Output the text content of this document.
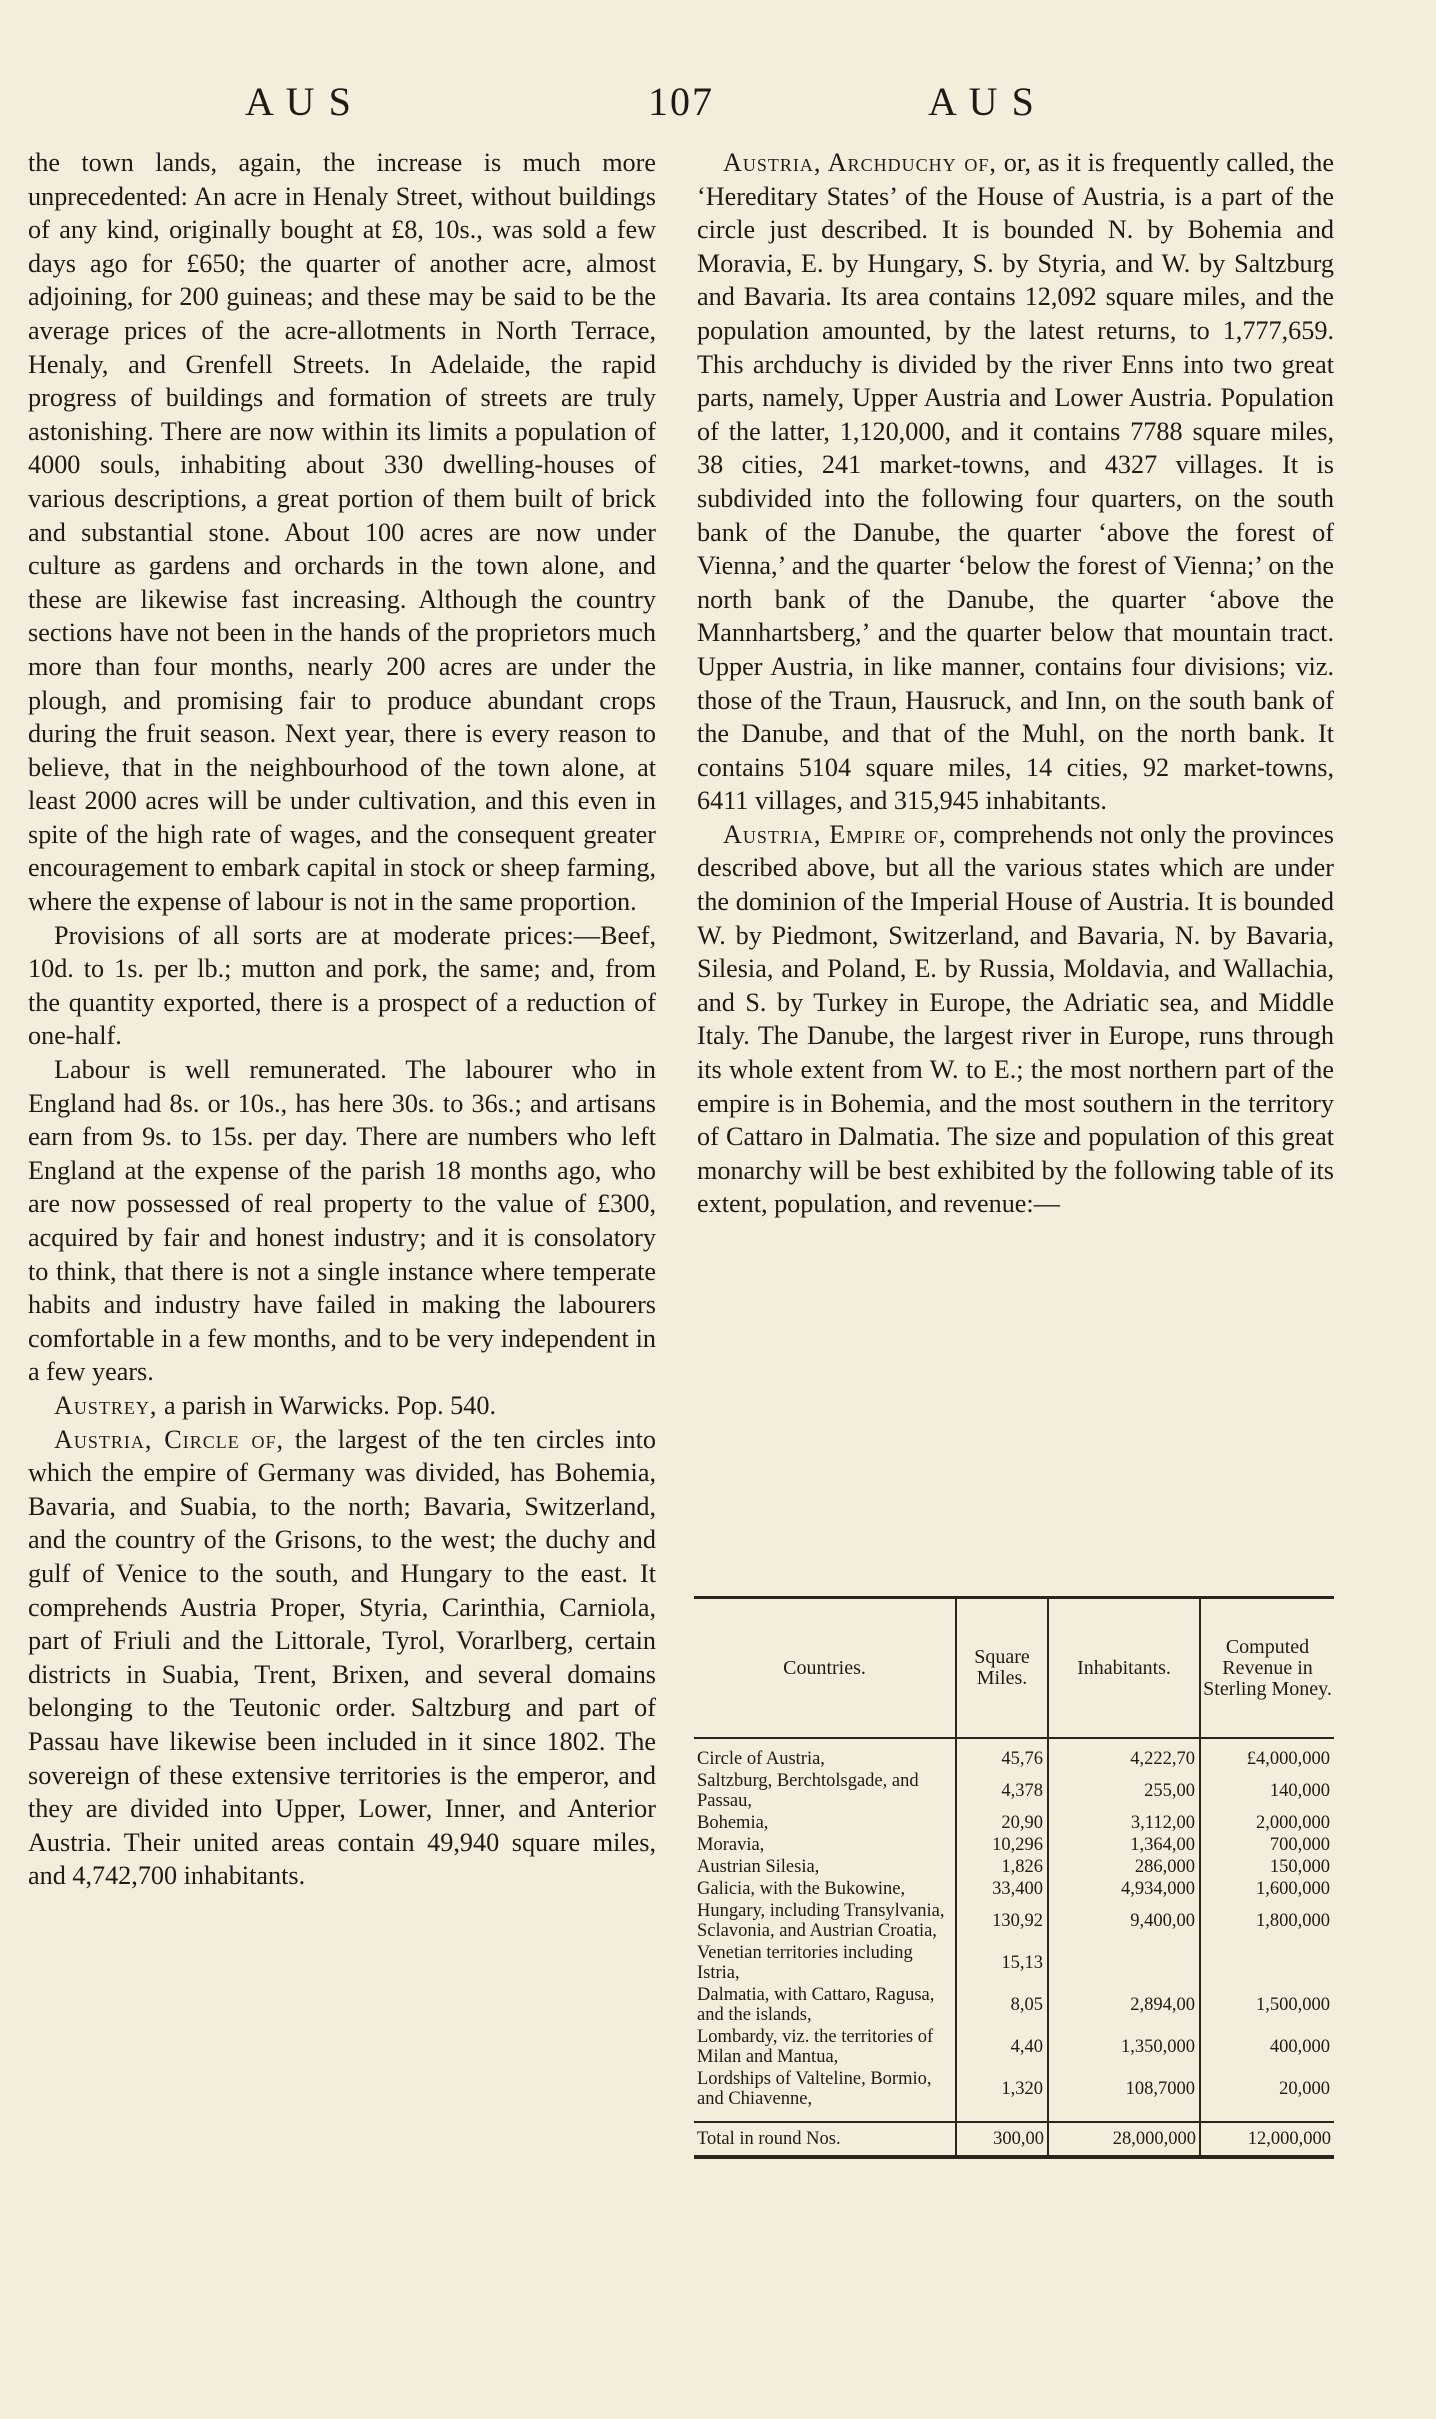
A U S	107	A U S

the town lands, again, the increase is much more unprecedented: An acre in Henaly Street, without buildings of any kind, originally bought at £8, 10s., was sold a few days ago for £650; the quarter of another acre, almost adjoining, for 200 guineas; and these may be said to be the average prices of the acre-allotments in North Terrace, Henaly, and Grenfell Streets. In Adelaide, the rapid progress of buildings and formation of streets are truly astonishing. There are now within its limits a population of 4000 souls, inhabiting about 330 dwelling-houses of various descriptions, a great portion of them built of brick and substantial stone. About 100 acres are now under culture as gardens and orchards in the town alone, and these are likewise fast increasing. Although the country sections have not been in the hands of the proprietors much more than four months, nearly 200 acres are under the plough, and promising fair to produce abundant crops during the fruit season. Next year, there is every reason to believe, that in the neighbourhood of the town alone, at least 2000 acres will be under cultivation, and this even in spite of the high rate of wages, and the consequent greater encouragement to embark capital in stock or sheep farming, where the expense of labour is not in the same proportion.

Provisions of all sorts are at moderate prices:—Beef, 10d. to 1s. per lb.; mutton and pork, the same; and, from the quantity exported, there is a prospect of a reduction of one-half.

Labour is well remunerated. The labourer who in England had 8s. or 10s., has here 30s. to 36s.; and artisans earn from 9s. to 15s. per day. There are numbers who left England at the expense of the parish 18 months ago, who are now possessed of real property to the value of £300, acquired by fair and honest industry; and it is consolatory to think, that there is not a single instance where temperate habits and industry have failed in making the labourers comfortable in a few months, and to be very independent in a few years.

Austrey, a parish in Warwicks. Pop. 540.

Austria, Circle of, the largest of the ten circles into which the empire of Germany was divided, has Bohemia, Bavaria, and Suabia, to the north; Bavaria, Switzerland, and the country of the Grisons, to the west; the duchy and gulf of Venice to the south, and Hungary to the east. It comprehends Austria Proper, Styria, Carinthia, Carniola, part of Friuli and the Littorale, Tyrol, Vorarlberg, certain districts in Suabia, Trent, Brixen, and several domains belonging to the Teutonic order. Saltzburg and part of Passau have likewise been included in it since 1802. The sovereign of these extensive territories is the emperor, and they are divided into Upper, Lower, Inner, and Anterior Austria. Their united areas contain 49,940 square miles, and 4,742,700 inhabitants.

Austria, Archduchy of, or, as it is frequently called, the ‘Hereditary States’ of the House of Austria, is a part of the circle just described. It is bounded N. by Bohemia and Moravia, E. by Hungary, S. by Styria, and W. by Saltzburg and Bavaria. Its area contains 12,092 square miles, and the population amounted, by the latest returns, to 1,777,659. This archduchy is divided by the river Enns into two great parts, namely, Upper Austria and Lower Austria. Population of the latter, 1,120,000, and it contains 7788 square miles, 38 cities, 241 market-towns, and 4327 villages. It is subdivided into the following four quarters, on the south bank of the Danube, the quarter ‘above the forest of Vienna,’ and the quarter ‘below the forest of Vienna;’ on the north bank of the Danube, the quarter ‘above the Mannhartsberg,’ and the quarter below that mountain tract. Upper Austria, in like manner, contains four divisions; viz. those of the Traun, Hausruck, and Inn, on the south bank of the Danube, and that of the Muhl, on the north bank. It contains 5104 square miles, 14 cities, 92 market-towns, 6411 villages, and 315,945 inhabitants.

Austria, Empire of, comprehends not only the provinces described above, but all the various states which are under the dominion of the Imperial House of Austria. It is bounded W. by Piedmont, Switzerland, and Bavaria, N. by Bavaria, Silesia, and Poland, E. by Russia, Moldavia, and Wallachia, and S. by Turkey in Europe, the Adriatic sea, and Middle Italy. The Danube, the largest river in Europe, runs through its whole extent from W. to E.; the most northern part of the empire is in Bohemia, and the most southern in the territory of Cattaro in Dalmatia. The size and population of this great monarchy will be best exhibited by the following table of its extent, population, and revenue:—

Countries.	Square Miles.	Inhabitants.	Computed Revenue in Sterling Money.
Circle of Austria,	45,76	4,222,70	£4,000,000
Saltzburg, Berchtolsgade, and Passau,	4,378	255,00	140,000
Bohemia,	20,90	3,112,00	2,000,000
Moravia,	10,296	1,364,00	700,000
Austrian Silesia,	1,826	286,000	150,000
Galicia, with the Bukowine,	33,400	4,934,000	1,600,000
Hungary, including Transylvania, Sclavonia, and Austrian Croatia,	130,92	9,400,00	1,800,000
Venetian territories including Istria,	15,13		
Dalmatia, with Cattaro, Ragusa, and the islands,	8,05	2,894,00	1,500,000
Lombardy, viz. the territories of Milan and Mantua,	4,40	1,350,000	400,000
Lordships of Valteline, Bormio, and Chiavenne,	1,320	108,7000	20,000
Total in round Nos.	300,00	28,000,000	12,000,000
